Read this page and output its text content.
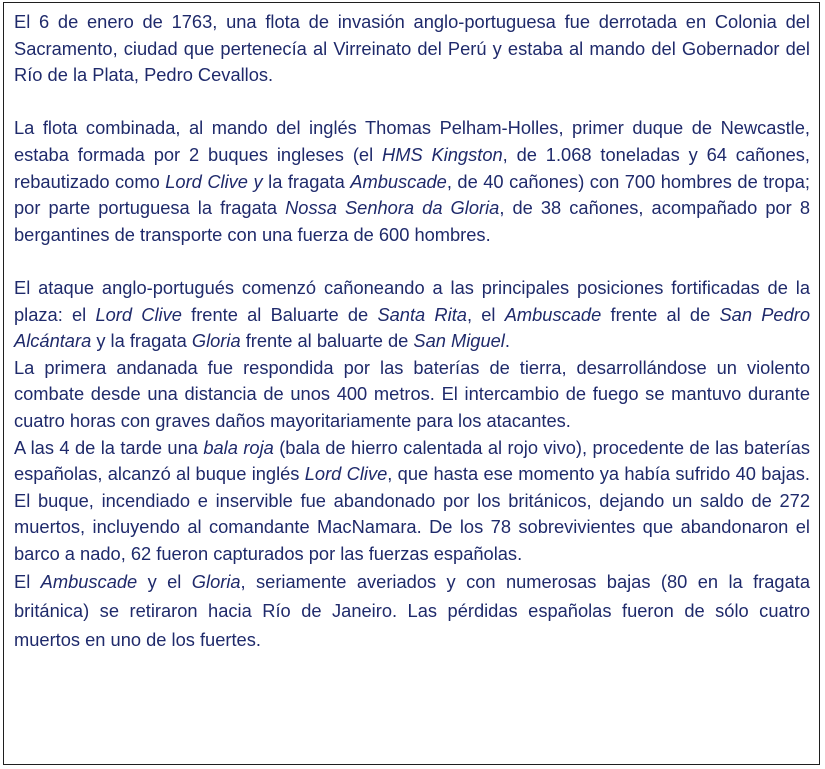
El 6 de enero de 1763, una flota de invasión anglo-portuguesa fue derrotada en Colonia del Sacramento, ciudad que pertenecía al Virreinato del Perú y estaba al mando del Gobernador del Río de la Plata, Pedro Cevallos.

La flota combinada, al mando del inglés Thomas Pelham-Holles, primer duque de Newcastle, estaba formada por 2 buques ingleses (el HMS Kingston, de 1.068 toneladas y 64 cañones, rebautizado como Lord Clive y la fragata Ambuscade, de 40 cañones) con 700 hombres de tropa; por parte portuguesa la fragata Nossa Senhora da Gloria, de 38 cañones, acompañado por 8 bergantines de transporte con una fuerza de 600 hombres.

El ataque anglo-portugués comenzó cañoneando a las principales posiciones fortificadas de la plaza: el Lord Clive frente al Baluarte de Santa Rita, el Ambuscade frente al de San Pedro Alcántara y la fragata Gloria frente al baluarte de San Miguel.

La primera andanada fue respondida por las baterías de tierra, desarrollándose un violento combate desde una distancia de unos 400 metros. El intercambio de fuego se mantuvo durante cuatro horas con graves daños mayoritariamente para los atacantes.

A las 4 de la tarde una bala roja (bala de hierro calentada al rojo vivo), procedente de las baterías españolas, alcanzó al buque inglés Lord Clive, que hasta ese momento ya había sufrido 40 bajas. El buque, incendiado e inservible fue abandonado por los británicos, dejando un saldo de 272 muertos, incluyendo al comandante MacNamara. De los 78 sobrevivientes que abandonaron el barco a nado, 62 fueron capturados por las fuerzas españolas.

El Ambuscade y el Gloria, seriamente averiados y con numerosas bajas (80 en la fragata británica) se retiraron hacia Río de Janeiro. Las pérdidas españolas fueron de sólo cuatro muertos en uno de los fuertes.
